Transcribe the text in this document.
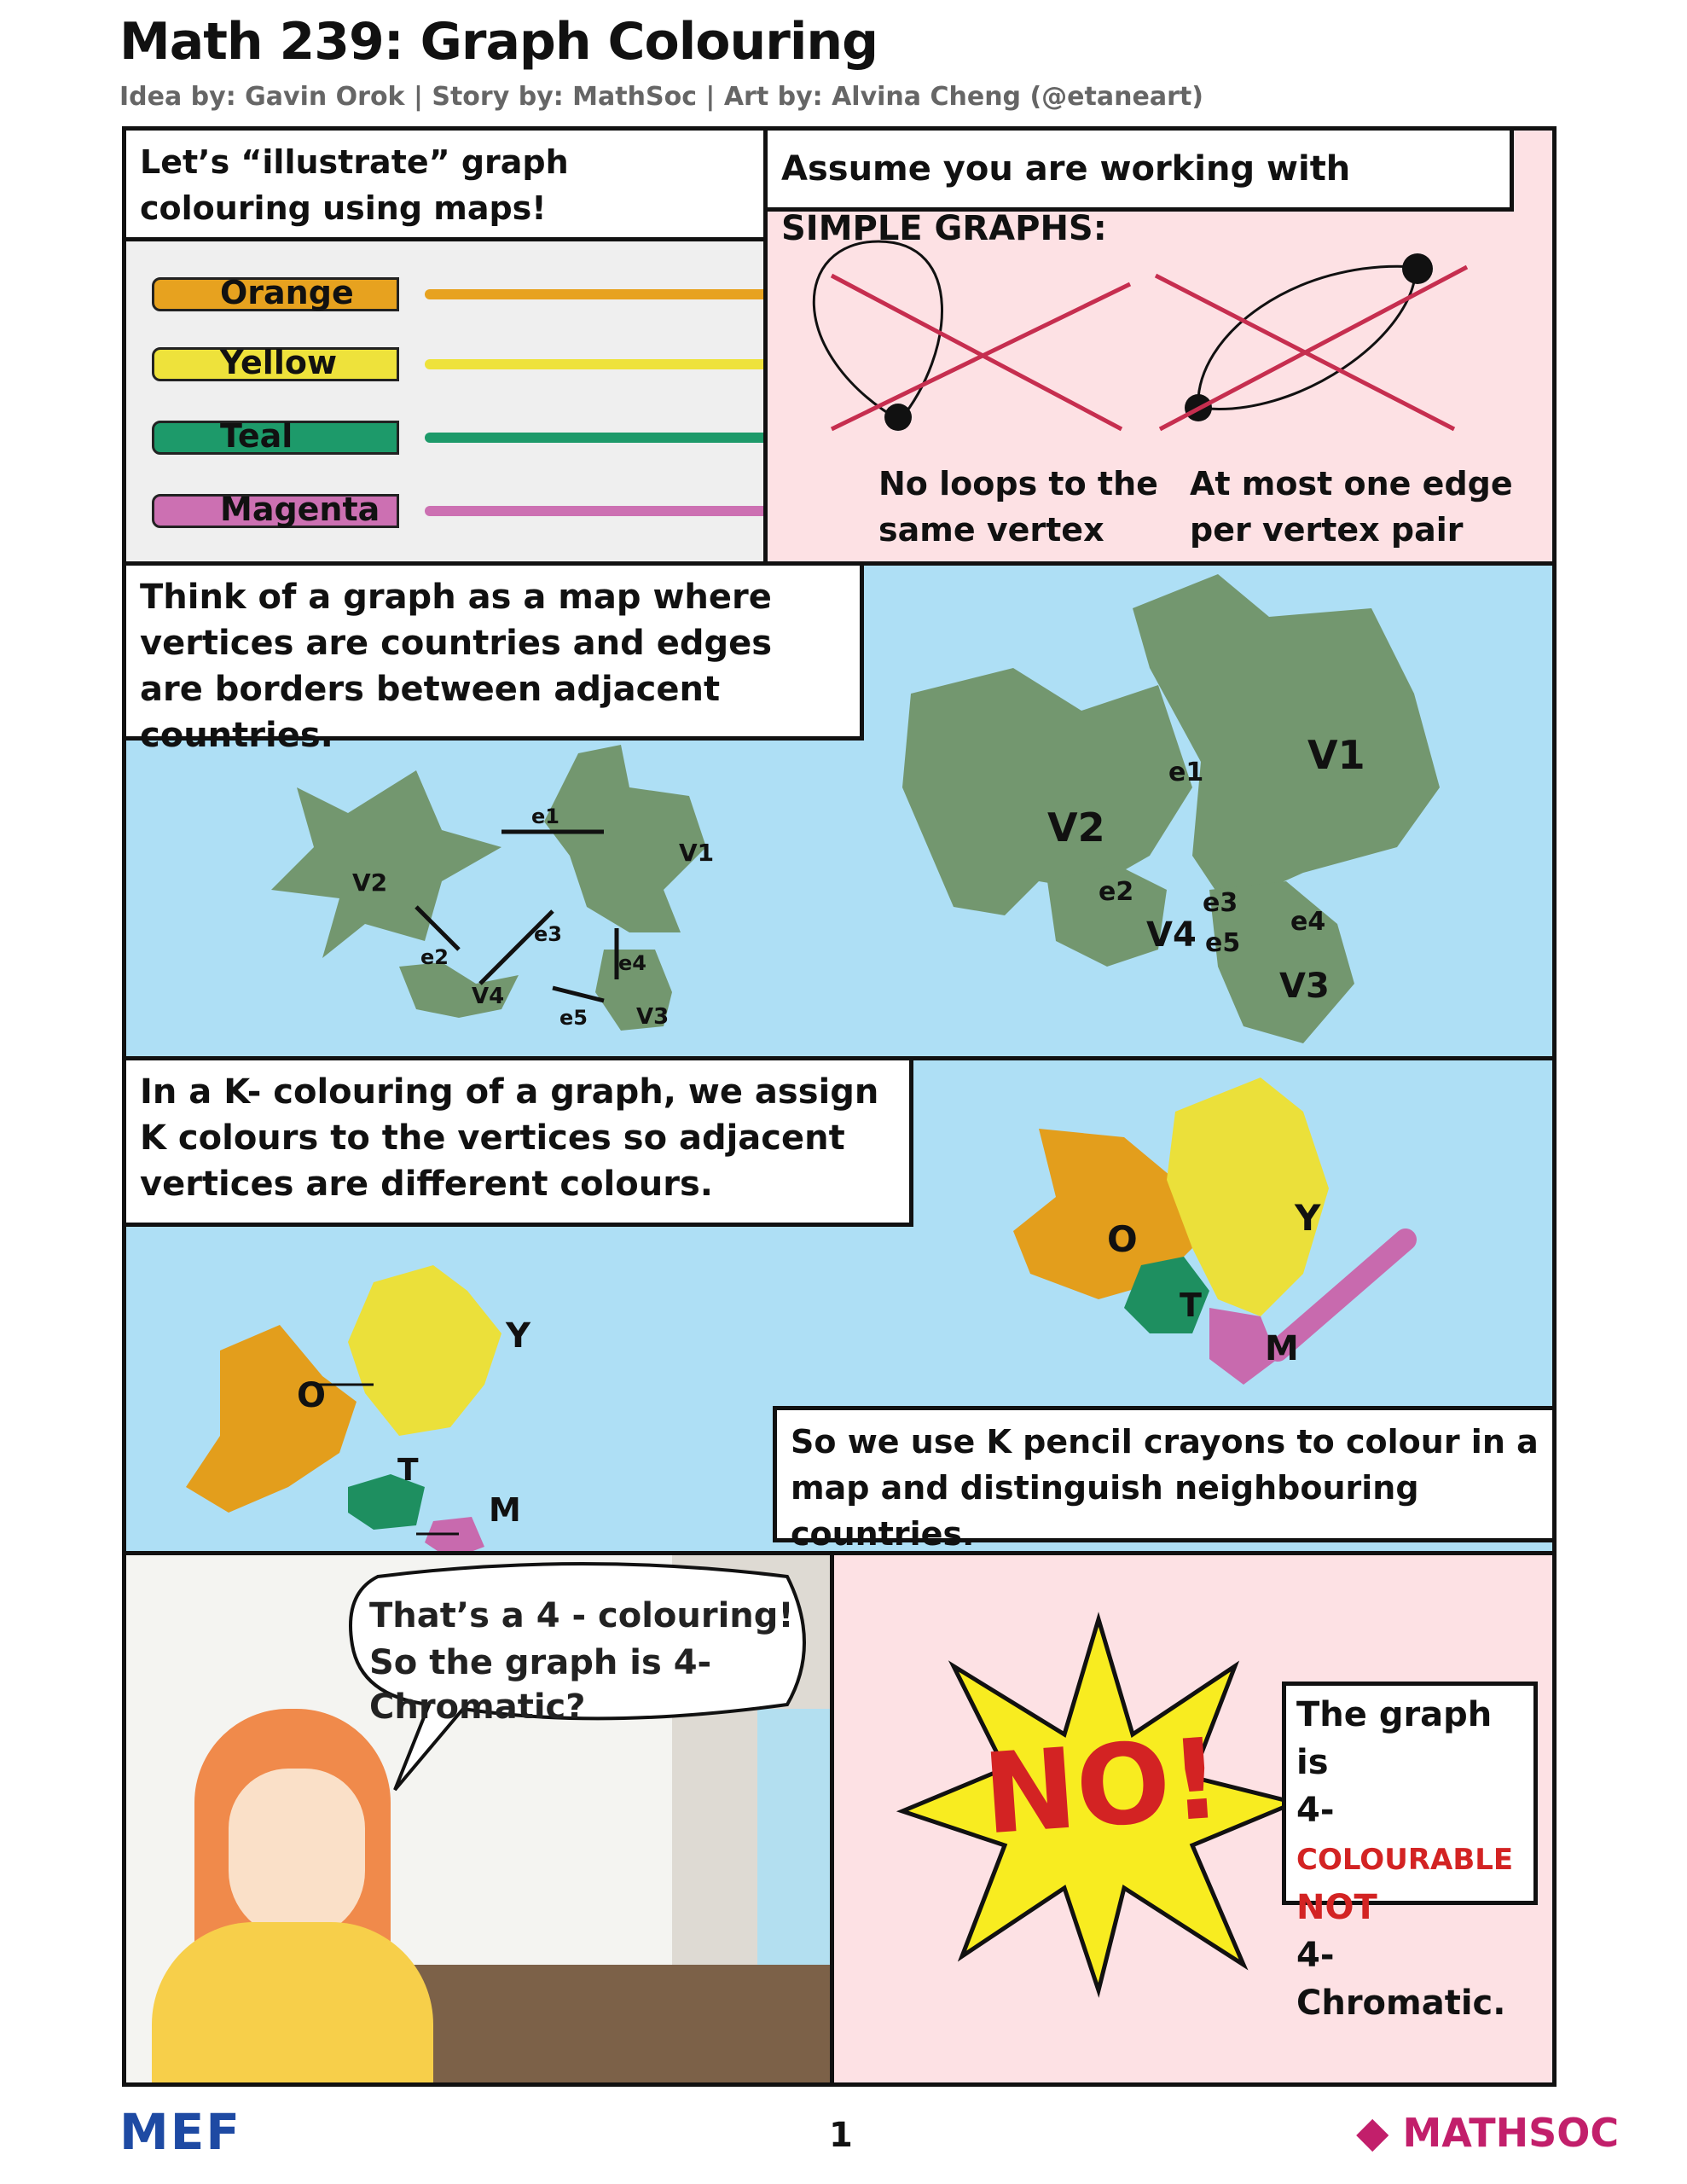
Math 239: Graph Colouring
Idea by: Gavin Orok | Story by: MathSoc | Art by: Alvina Cheng (@etaneart)
Let’s “illustrate” graph colouring using maps!
Orange
Yellow
Teal
Magenta
Assume you are working with SIMPLE GRAPHS:
No loops to the
same vertex
At most one edge
per vertex pair
Think of a graph as a map where vertices are countries and edges are borders between adjacent countries.
V2
V1
V4
V3
e1
e2
e3
e4
e5
V1
V2
V4
V3
e1
e2	e3
e4
e5
In a K- colouring of a graph, we assign K colours to the vertices so adjacent vertices are different colours.
O
Y
T
M
O
Y
T
M
So we use K pencil crayons to colour in a map and distinguish neighbouring countries.
That’s a 4 - colouring!
So the graph is 4-Chromatic?
NO! The graph is
4- COLOURABLE
NOT
4-Chromatic.
MEF	1	◆ MATHSOC
